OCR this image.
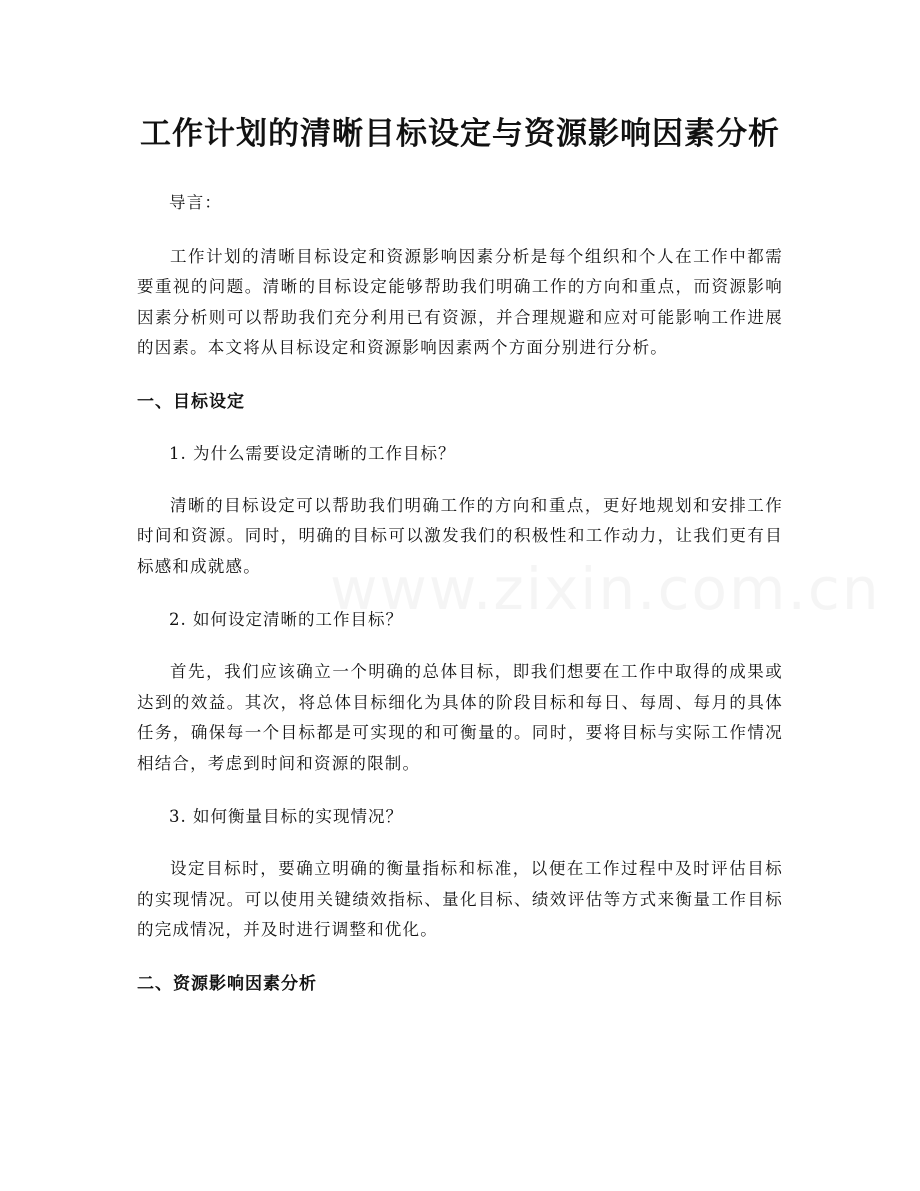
工作计划的清晰目标设定与资源影响因素分析

导言：

工作计划的清晰目标设定和资源影响因素分析是每个组织和个人在工作中都需要重视的问题。清晰的目标设定能够帮助我们明确工作的方向和重点，而资源影响因素分析则可以帮助我们充分利用已有资源，并合理规避和应对可能影响工作进展的因素。本文将从目标设定和资源影响因素两个方面分别进行分析。

一、目标设定
1. 为什么需要设定清晰的工作目标？

清晰的目标设定可以帮助我们明确工作的方向和重点，更好地规划和安排工作时间和资源。同时，明确的目标可以激发我们的积极性和工作动力，让我们更有目标感和成就感。

2. 如何设定清晰的工作目标？

首先，我们应该确立一个明确的总体目标，即我们想要在工作中取得的成果或达到的效益。其次，将总体目标细化为具体的阶段目标和每日、每周、每月的具体任务，确保每一个目标都是可实现的和可衡量的。同时，要将目标与实际工作情况相结合，考虑到时间和资源的限制。

3. 如何衡量目标的实现情况？

设定目标时，要确立明确的衡量指标和标准，以便在工作过程中及时评估目标的实现情况。可以使用关键绩效指标、量化目标、绩效评估等方式来衡量工作目标的完成情况，并及时进行调整和优化。

二、资源影响因素分析
www.zixin.com.cn
